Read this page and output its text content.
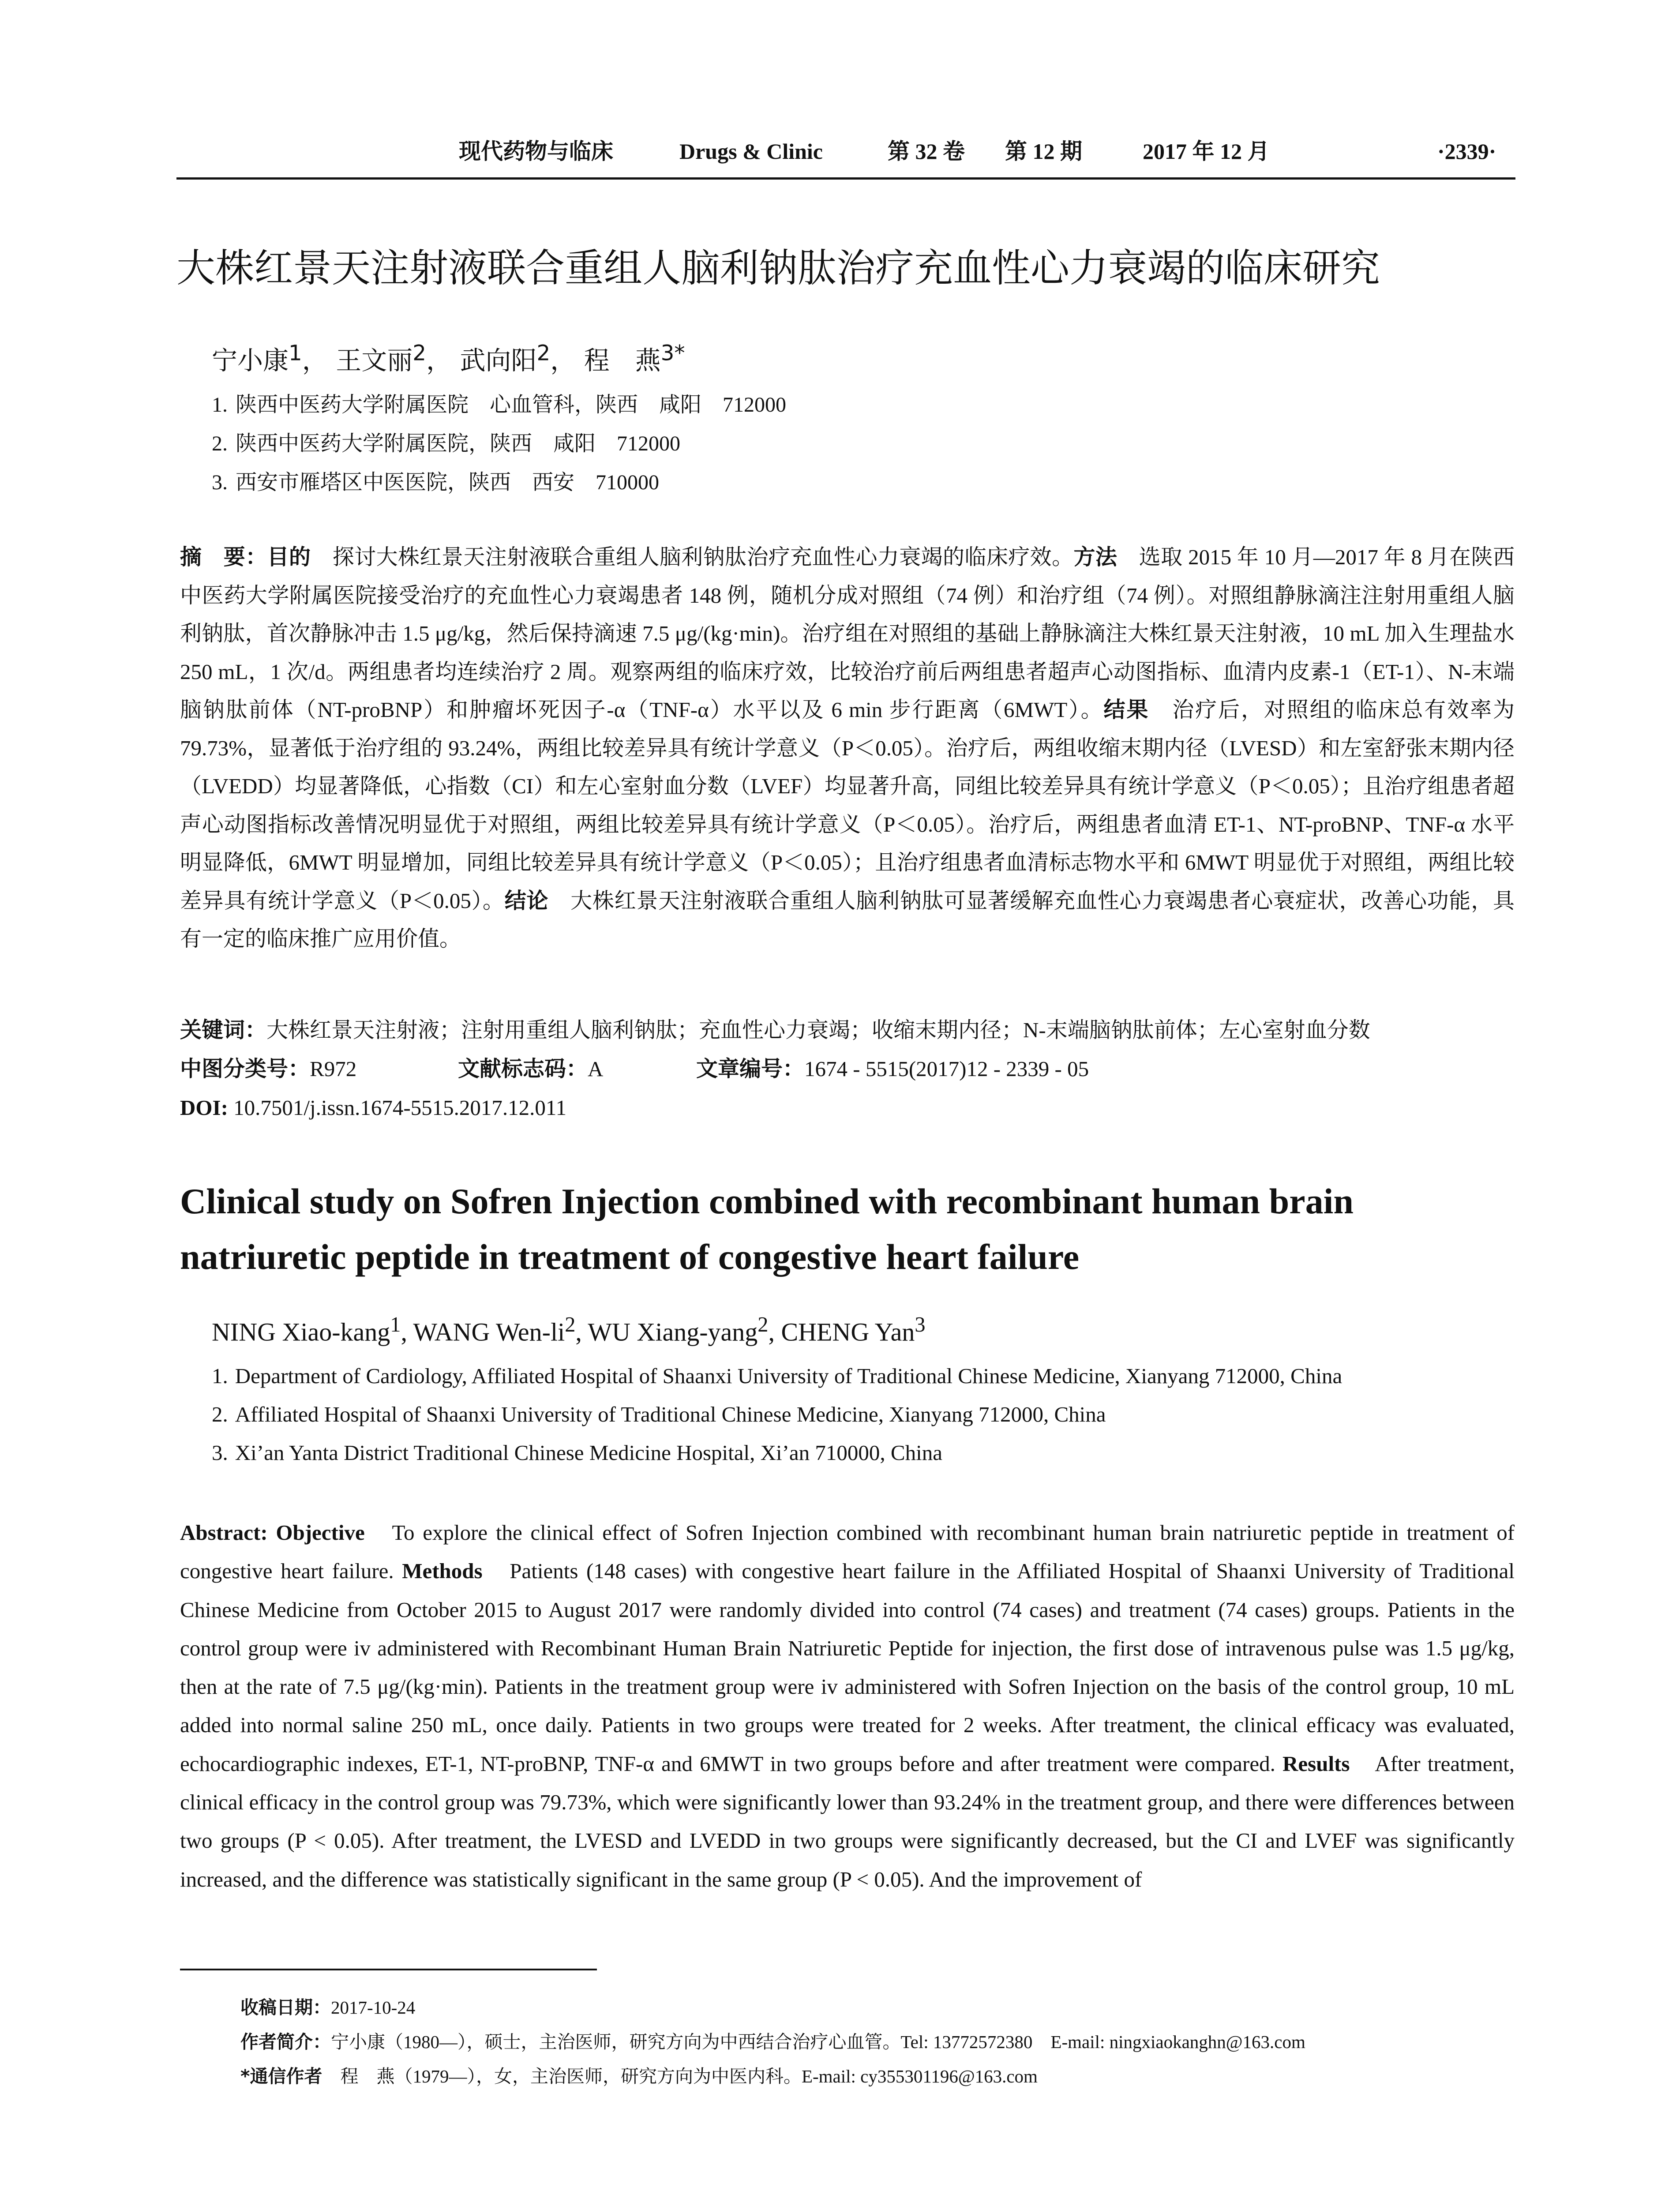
现代药物与临床	Drugs & Clinic	第 32 卷 第 12 期	2017 年 12 月	·2339·
大株红景天注射液联合重组人脑利钠肽治疗充血性心力衰竭的临床研究
宁小康$^1$， 王文丽$^2$， 武向阳$^2$， 程　燕$^{3*}$
1. 陕西中医药大学附属医院　心血管科，陕西　咸阳　712000
2. 陕西中医药大学附属医院，陕西　咸阳　712000
3. 西安市雁塔区中医医院，陕西　西安　710000
摘　要：目的　探讨大株红景天注射液联合重组人脑利钠肽治疗充血性心力衰竭的临床疗效。方法　选取 2015 年 10 月—2017 年 8 月在陕西中医药大学附属医院接受治疗的充血性心力衰竭患者 148 例，随机分成对照组（74 例）和治疗组（74 例）。对照组静脉滴注注射用重组人脑利钠肽，首次静脉冲击 1.5 μg/kg，然后保持滴速 7.5 μg/(kg·min)。治疗组在对照组的基础上静脉滴注大株红景天注射液，10 mL 加入生理盐水 250 mL，1 次/d。两组患者均连续治疗 2 周。观察两组的临床疗效，比较治疗前后两组患者超声心动图指标、血清内皮素-1（ET-1）、N-末端脑钠肽前体（NT-proBNP）和肿瘤坏死因子-α（TNF-α）水平以及 6 min 步行距离（6MWT）。结果　治疗后，对照组的临床总有效率为 79.73%，显著低于治疗组的 93.24%，两组比较差异具有统计学意义（P＜0.05）。治疗后，两组收缩末期内径（LVESD）和左室舒张末期内径（LVEDD）均显著降低，心指数（CI）和左心室射血分数（LVEF）均显著升高，同组比较差异具有统计学意义（P＜0.05）；且治疗组患者超声心动图指标改善情况明显优于对照组，两组比较差异具有统计学意义（P＜0.05）。治疗后，两组患者血清 ET-1、NT-proBNP、TNF-α 水平明显降低，6MWT 明显增加，同组比较差异具有统计学意义（P＜0.05）；且治疗组患者血清标志物水平和 6MWT 明显优于对照组，两组比较差异具有统计学意义（P＜0.05）。结论　大株红景天注射液联合重组人脑利钠肽可显著缓解充血性心力衰竭患者心衰症状，改善心功能，具有一定的临床推广应用价值。
关键词：大株红景天注射液；注射用重组人脑利钠肽；充血性心力衰竭；收缩末期内径；N-末端脑钠肽前体；左心室射血分数
中图分类号：R972	文献标志码：A	文章编号：1674 - 5515(2017)12 - 2339 - 05
DOI: 10.7501/j.issn.1674-5515.2017.12.011
Clinical study on Sofren Injection combined with recombinant human brain natriuretic peptide in treatment of congestive heart failure
NING Xiao-kang$^1$, WANG Wen-$li^2$, WU Xiang-yang$^2$, CHENG Yan$^3$
1. Department of Cardiology, Affiliated Hospital of Shaanxi University of Traditional Chinese Medicine, Xianyang 712000, China
2. Affiliated Hospital of Shaanxi University of Traditional Chinese Medicine, Xianyang 712000, China
3. Xi’an Yanta District Traditional Chinese Medicine Hospital, Xi’an 710000, China
Abstract: Objective　To explore the clinical effect of Sofren Injection combined with recombinant human brain natriuretic peptide in treatment of congestive heart failure. Methods　Patients (148 cases) with congestive heart failure in the Affiliated Hospital of Shaanxi University of Traditional Chinese Medicine from October 2015 to August 2017 were randomly divided into control (74 cases) and treatment (74 cases) groups. Patients in the control group were iv administered with Recombinant Human Brain Natriuretic Peptide for injection, the first dose of intravenous pulse was 1.5 μg/kg, then at the rate of 7.5 μg/(kg·min). Patients in the treatment group were iv administered with Sofren Injection on the basis of the control group, 10 mL added into normal saline 250 mL, once daily. Patients in two groups were treated for 2 weeks. After treatment, the clinical efficacy was evaluated, echocardiographic indexes, ET-1, NT-proBNP, TNF-α and 6MWT in two groups before and after treatment were compared. Results　After treatment, clinical efficacy in the control group was 79.73%, which were significantly lower than 93.24% in the treatment group, and there were differences between two groups (P < 0.05). After treatment, the LVESD and LVEDD in two groups were significantly decreased, but the CI and LVEF was significantly increased, and the difference was statistically significant in the same group (P < 0.05). And the improvement of
收稿日期：2017-10-24
作者简介：宁小康（1980—），硕士，主治医师，研究方向为中西结合治疗心血管。Tel: 13772572380　E-mail: ningxiaokanghn@163.com
*通信作者　程　燕（1979—），女，主治医师，研究方向为中医内科。E-mail: cy355301196@163.com
